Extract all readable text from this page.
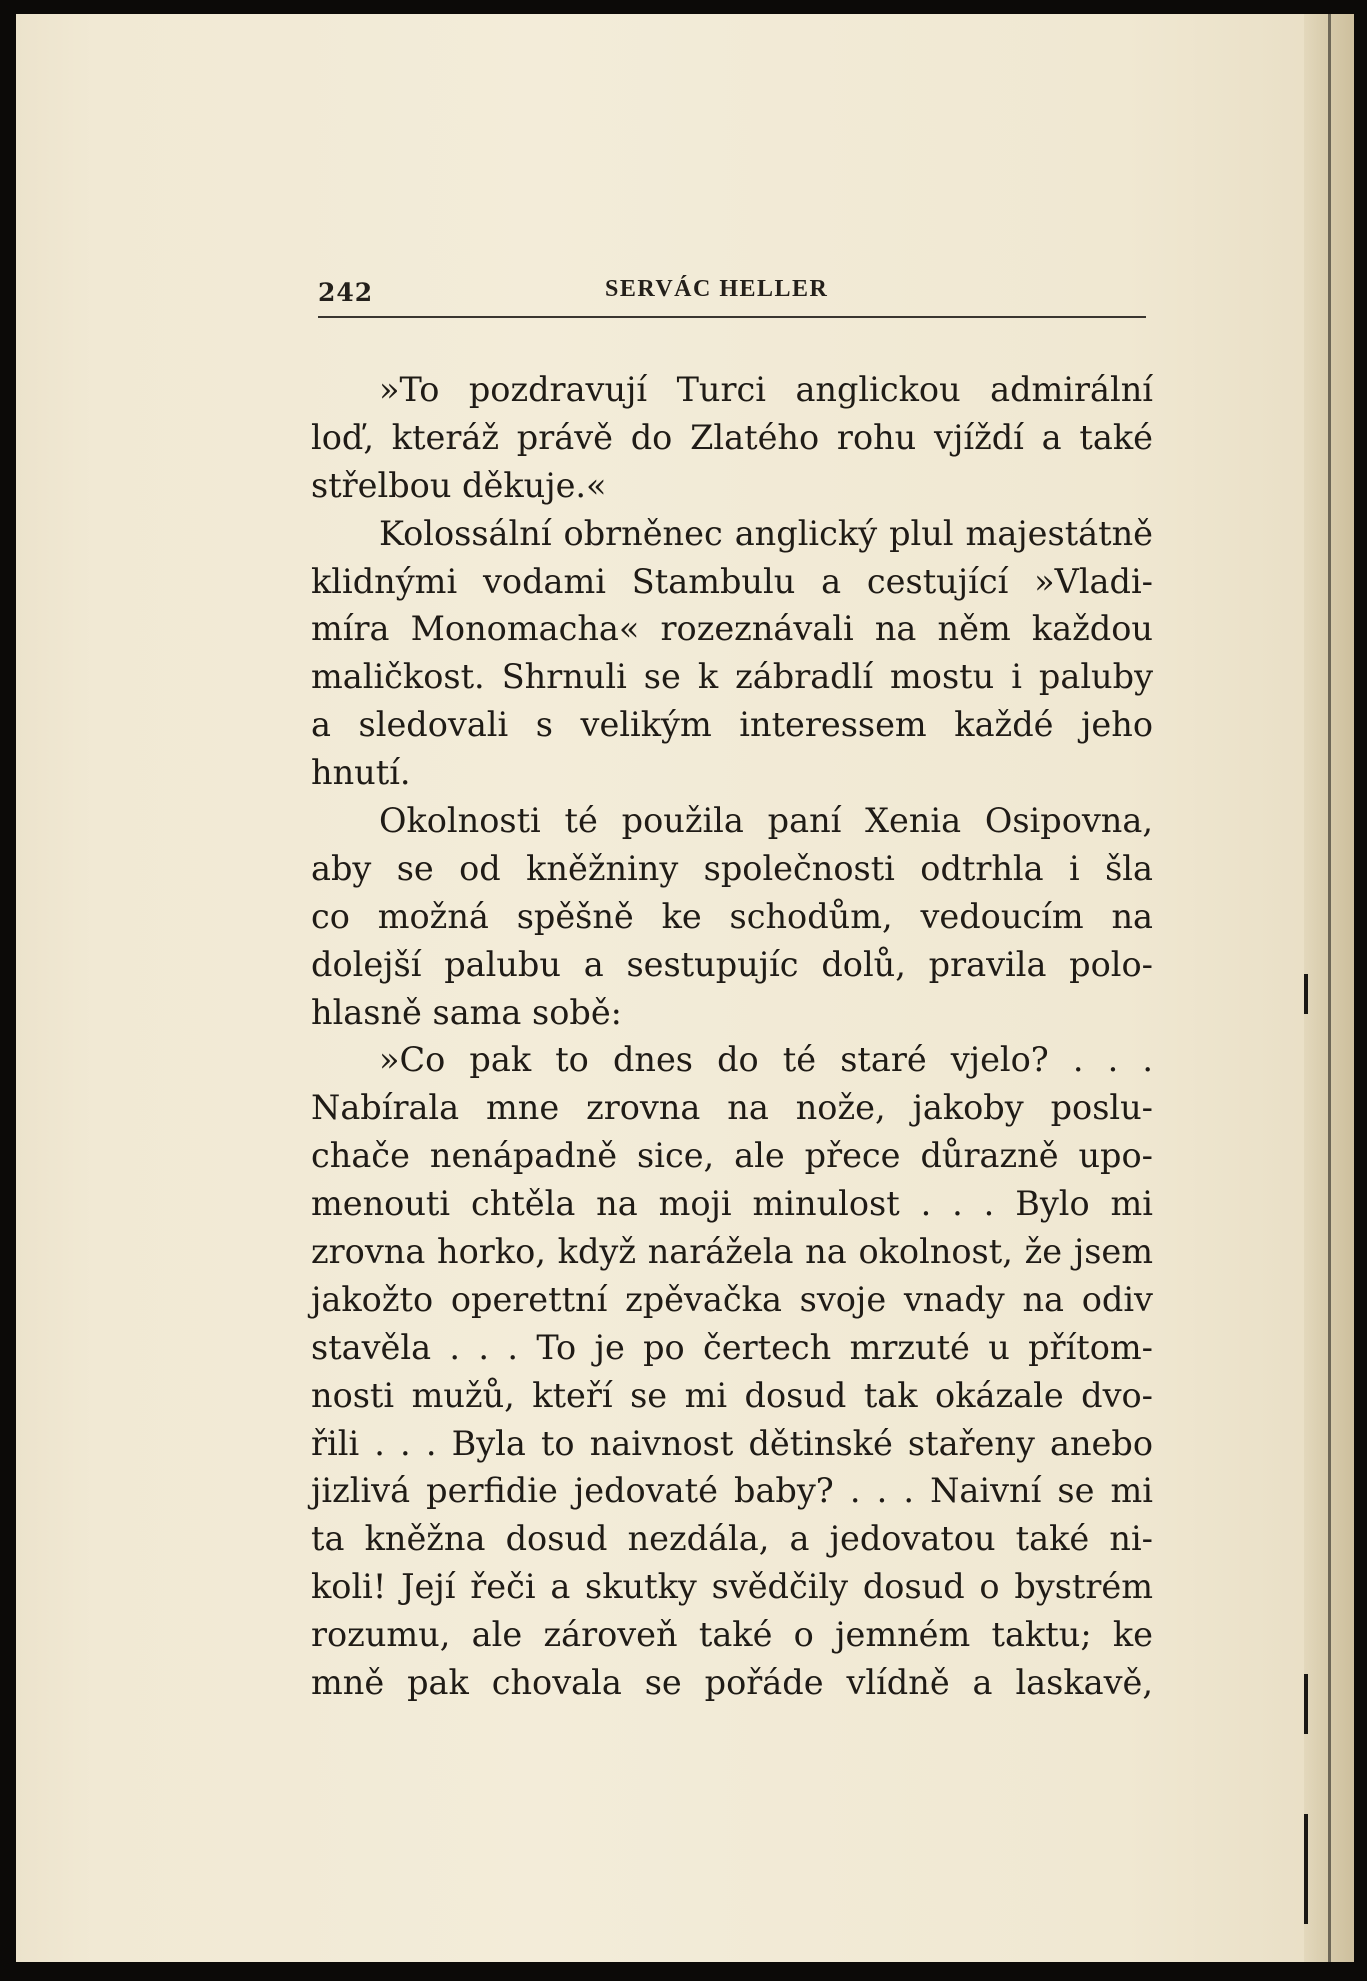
242	SERVÁC HELLER
»To pozdravují Turci anglickou admirální
loď, kteráž právě do Zlatého rohu vjíždí a také
střelbou děkuje.«
Kolossální obrněnec anglický plul majestátně
klidnými vodami Stambulu a cestující »Vladi-
míra Monomacha« rozeznávali na něm každou
maličkost. Shrnuli se k zábradlí mostu i paluby
a sledovali s velikým interessem každé jeho
hnutí.
Okolnosti té použila paní Xenia Osipovna,
aby se od kněžniny společnosti odtrhla i šla
co možná spěšně ke schodům, vedoucím na
dolejší palubu a sestupujíc dolů, pravila polo-
hlasně sama sobě:
»Co pak to dnes do té staré vjelo? . . .
Nabírala mne zrovna na nože, jakoby poslu-
chače nenápadně sice, ale přece důrazně upo-
menouti chtěla na moji minulost . . . Bylo mi
zrovna horko, když narážela na okolnost, že jsem
jakožto operettní zpěvačka svoje vnady na odiv
stavěla . . . To je po čertech mrzuté u přítom-
nosti mužů, kteří se mi dosud tak okázale dvo-
řili . . . Byla to naivnost dětinské stařeny anebo
jizlivá perfidie jedovaté baby? . . . Naivní se mi
ta kněžna dosud nezdála, a jedovatou také ni-
koli! Její řeči a skutky svědčily dosud o bystrém
rozumu, ale zároveň také o jemném taktu; ke
mně pak chovala se pořáde vlídně a laskavě,
